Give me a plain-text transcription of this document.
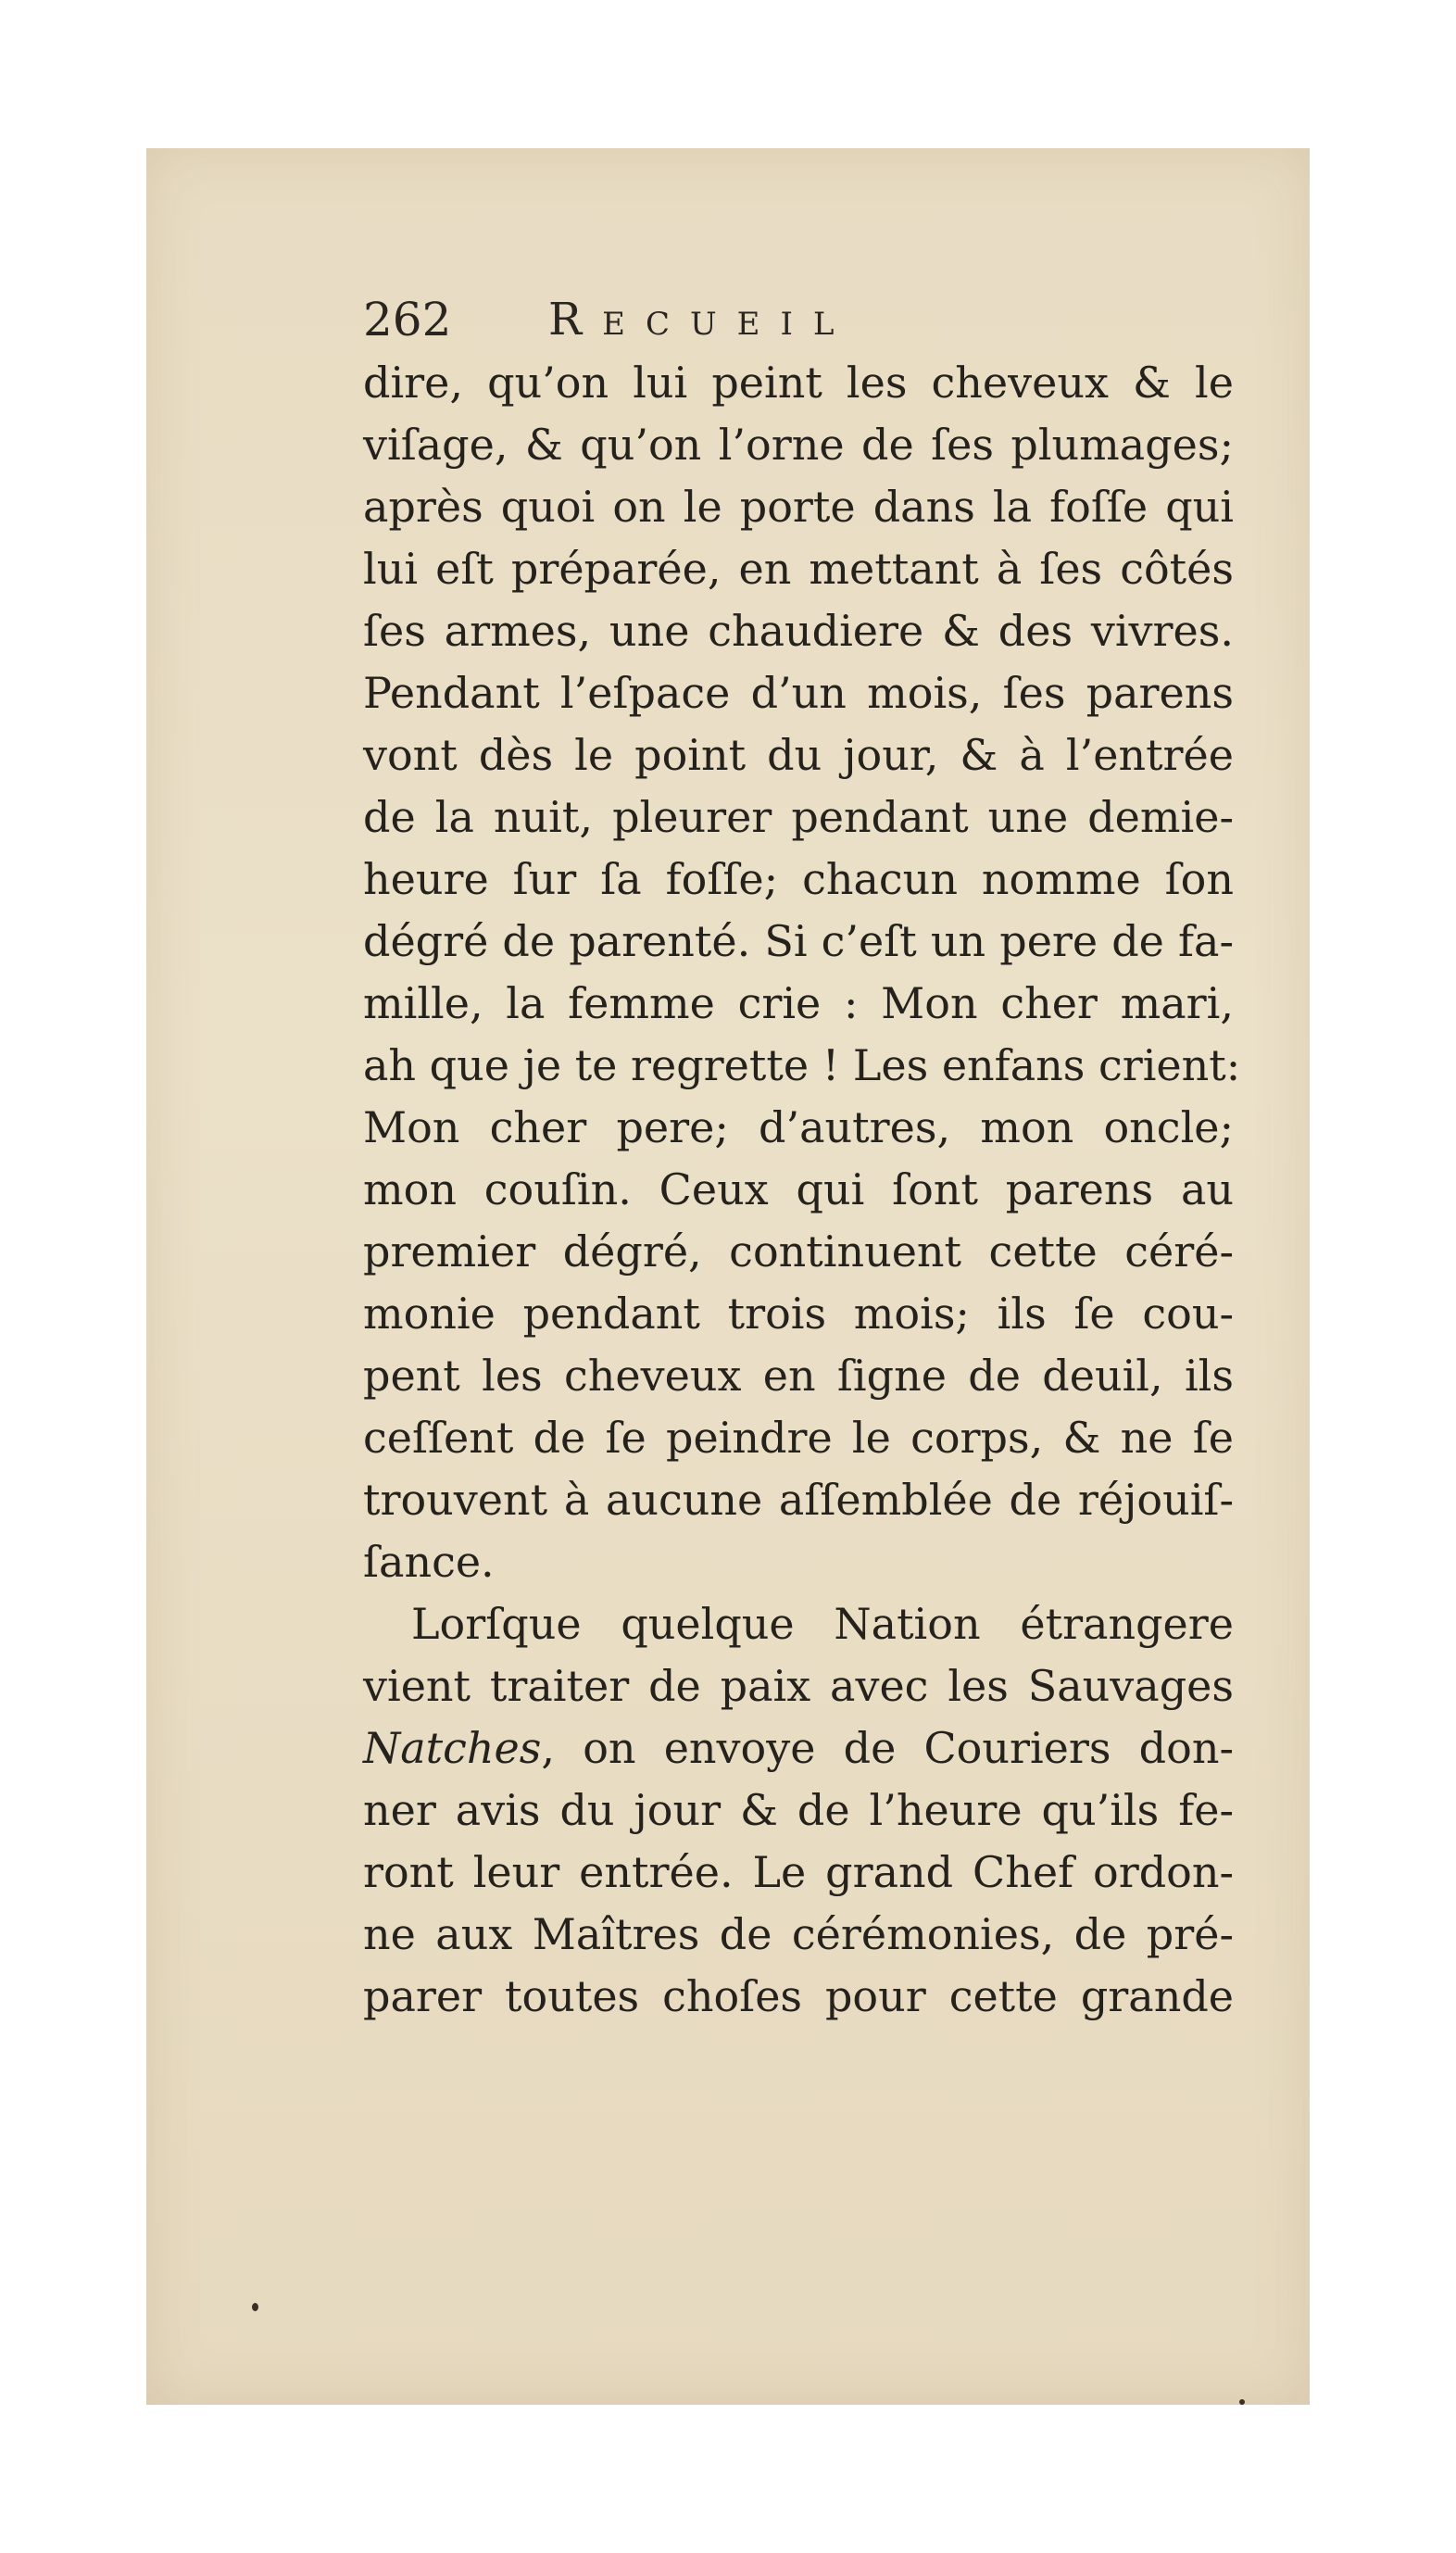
262 Recueil
dire, qu’on lui peint les cheveux & le
viſage, & qu’on l’orne de ſes plumages;
après quoi on le porte dans la foſſe qui
lui eſt préparée, en mettant à ſes côtés
ſes armes, une chaudiere & des vivres.
Pendant l’eſpace d’un mois, ſes parens
vont dès le point du jour, & à l’entrée
de la nuit, pleurer pendant une demie-
heure ſur ſa foſſe; chacun nomme ſon
dégré de parenté. Si c’eſt un pere de fa-
mille, la femme crie : Mon cher mari,
ah que je te regrette ! Les enfans crient:
Mon cher pere; d’autres, mon oncle;
mon couſin. Ceux qui ſont parens au
premier dégré, continuent cette céré-
monie pendant trois mois; ils ſe cou-
pent les cheveux en ſigne de deuil, ils
ceſſent de ſe peindre le corps, & ne ſe
trouvent à aucune aſſemblée de réjouiſ-
ſance.
Lorſque quelque Nation étrangere
vient traiter de paix avec les Sauvages
Natches, on envoye de Couriers don-
ner avis du jour & de l’heure qu’ils fe-
ront leur entrée. Le grand Chef ordon-
ne aux Maîtres de cérémonies, de pré-
parer toutes choſes pour cette grande
